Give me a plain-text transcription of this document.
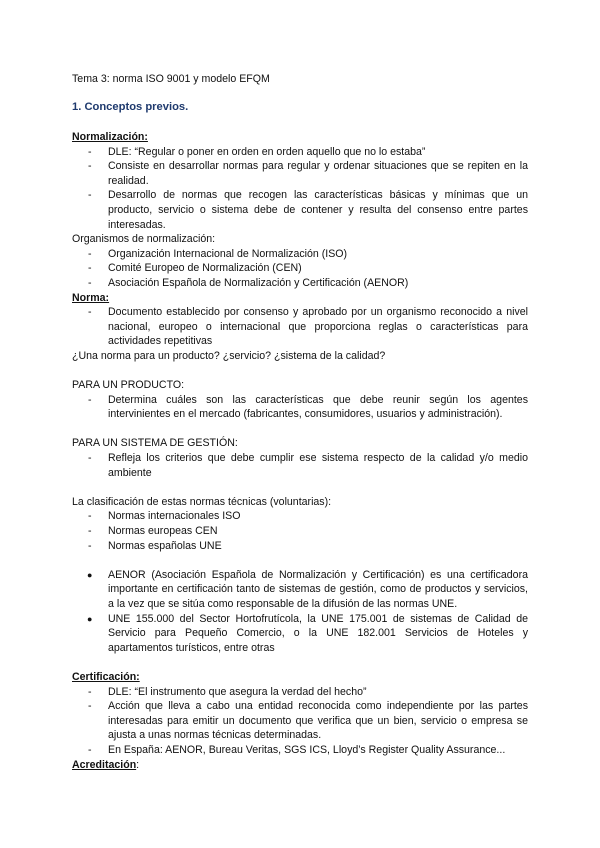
Tema 3: norma ISO 9001 y modelo EFQM
1. Conceptos previos.

Normalización:

- DLE: “Regular o poner en orden en orden aquello que no lo estaba”
- Consiste en desarrollar normas para regular y ordenar situaciones que se repiten en la realidad.
- Desarrollo de normas que recogen las características básicas y mínimas que un producto, servicio o sistema debe de contener y resulta del consenso entre partes interesadas.

Organismos de normalización:

- Organización Internacional de Normalización (ISO)
- Comité Europeo de Normalización (CEN)
- Asociación Española de Normalización y Certificación (AENOR)

Norma:

- Documento establecido por consenso y aprobado por un organismo reconocido a nivel nacional, europeo o internacional que proporciona reglas o características para actividades repetitivas

¿Una norma para un producto? ¿servicio? ¿sistema de la calidad?

PARA UN PRODUCTO:

- Determina cuáles son las características que debe reunir según los agentes intervinientes en el mercado (fabricantes, consumidores, usuarios y administración).

PARA UN SISTEMA DE GESTIÓN:

- Refleja los criterios que debe cumplir ese sistema respecto de la calidad y/o medio ambiente

La clasificación de estas normas técnicas (voluntarias):

- Normas internacionales ISO
- Normas europeas CEN
- Normas españolas UNE
● AENOR (Asociación Española de Normalización y Certificación) es una certificadora importante en certificación tanto de sistemas de gestión, como de productos y servicios, a la vez que se sitúa como responsable de la difusión de las normas UNE.
● UNE 155.000 del Sector Hortofrutícola, la UNE 175.001 de sistemas de Calidad de Servicio para Pequeño Comercio, o la UNE 182.001 Servicios de Hoteles y apartamentos turísticos, entre otras

Certificación:

- DLE: “El instrumento que asegura la verdad del hecho”
- Acción que lleva a cabo una entidad reconocida como independiente por las partes interesadas para emitir un documento que verifica que un bien, servicio o empresa se ajusta a unas normas técnicas determinadas.
- En España: AENOR, Bureau Veritas, SGS ICS, Lloyd’s Register Quality Assurance...

Acreditación:
